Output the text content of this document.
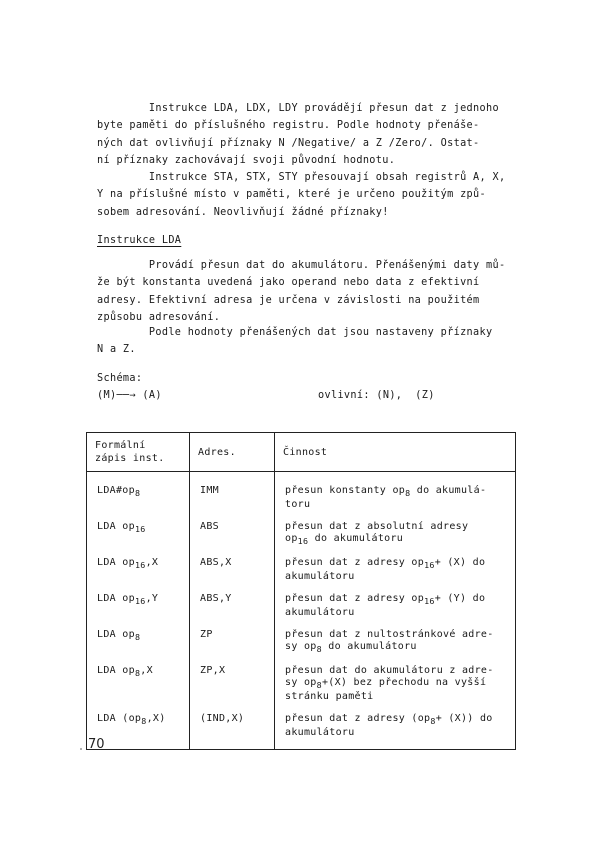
Instrukce LDA, LDX, LDY provádějí přesun dat z jednoho
byte paměti do příslušného registru. Podle hodnoty přenáše-
ných dat ovlivňují příznaky N /Negative/ a Z /Zero/. Ostat-
ní příznaky zachovávají svoji původní hodnotu.
Instrukce STA, STX, STY přesouvají obsah registrů A, X,
Y na příslušné místo v paměti, které je určeno použitým způ-
sobem adresování. Neovlivňují žádné příznaky!
Instrukce LDA
Provádí přesun dat do akumulátoru. Přenášenými daty mů-
že být konstanta uvedená jako operand nebo data z efektivní
adresy. Efektivní adresa je určena v závislosti na použitém
způsobu adresování.
Podle hodnoty přenášených dat jsou nastaveny příznaky
N a Z.
Schéma:
(M)──→ (A)	ovlivní: (N),  (Z)
Formální
zápis inst.	Adres.	Činnost
$LDA\#op_8$	IMM	přesun konstanty $op_8$ do akumulá-
toru
LDA $op_{16}$	ABS	přesun dat z absolutní adresy
$op_{16}$ do akumulátoru
LDA $op_{16},X$	ABS,X	přesun dat z adresy $op_{16}+ (X)$ do
akumulátoru
LDA $op_{16},Y$	ABS,Y	přesun dat z adresy $op_{16}+ (Y)$ do
akumulátoru
LDA $op_8$	ZP	přesun dat z nultostránkové adre-
sy $op_8$ do akumulátoru
LDA $op_8,X$	ZP,X	přesun dat do akumulátoru z adre-
sy $op_8+(X)$ bez přechodu na vyšší
stránku paměti
LDA $(op_8,X)$	(IND,X)	přesun dat z adresy $(op_8+ (X))$ do
akumulátoru
70
